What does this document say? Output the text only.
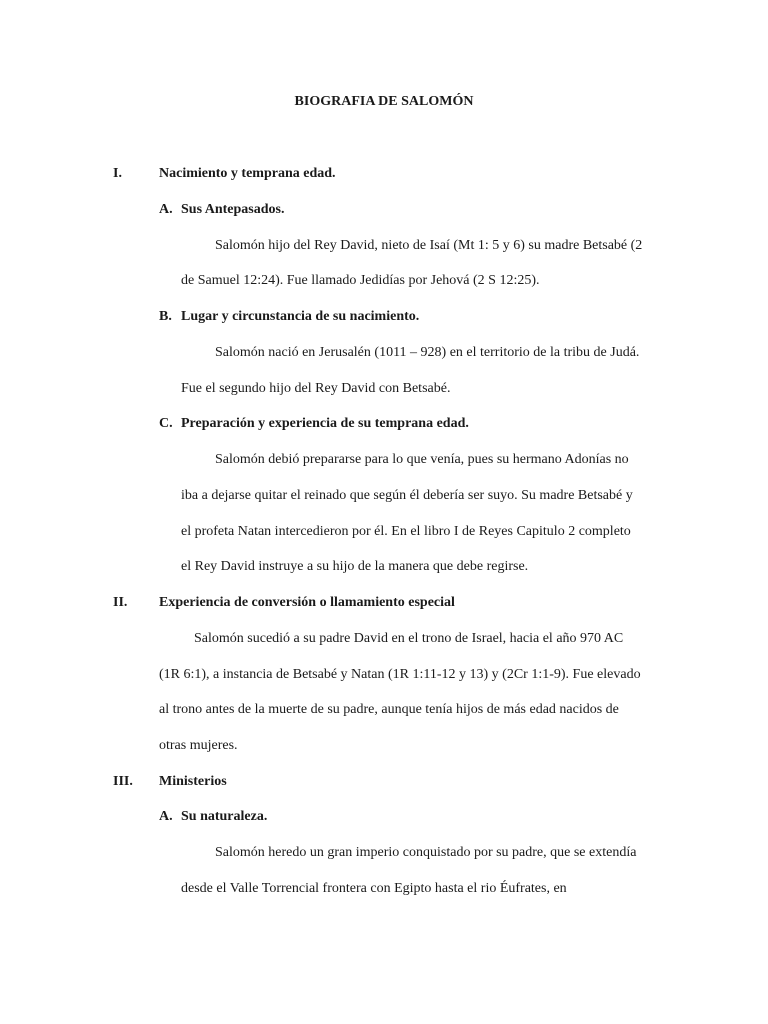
BIOGRAFIA DE SALOMÓN
I.	Nacimiento y temprana edad.
A. Sus Antepasados.
Salomón hijo del Rey David, nieto de Isaí (Mt 1: 5 y 6) su madre Betsabé (2
de Samuel 12:24). Fue llamado Jedidías por Jehová (2 S 12:25).
B. Lugar y circunstancia de su nacimiento.
Salomón nació en Jerusalén (1011 – 928) en el territorio de la tribu de Judá.
Fue el segundo hijo del Rey David con Betsabé.
C. Preparación y experiencia de su temprana edad.
Salomón debió prepararse para lo que venía, pues su hermano Adonías no
iba a dejarse quitar el reinado que según él debería ser suyo. Su madre Betsabé y
el profeta Natan intercedieron por él. En el libro I de Reyes Capitulo 2 completo
el Rey David instruye a su hijo de la manera que debe regirse.
II. Experiencia de conversión o llamamiento especial
Salomón sucedió a su padre David en el trono de Israel, hacia el año 970 AC
(1R 6:1), a instancia de Betsabé y Natan (1R 1:11-12 y 13) y (2Cr 1:1-9). Fue elevado
al trono antes de la muerte de su padre, aunque tenía hijos de más edad nacidos de
otras mujeres.
III. Ministerios
A. Su naturaleza.
Salomón heredo un gran imperio conquistado por su padre, que se extendía
desde el Valle Torrencial frontera con Egipto hasta el rio Éufrates, en
